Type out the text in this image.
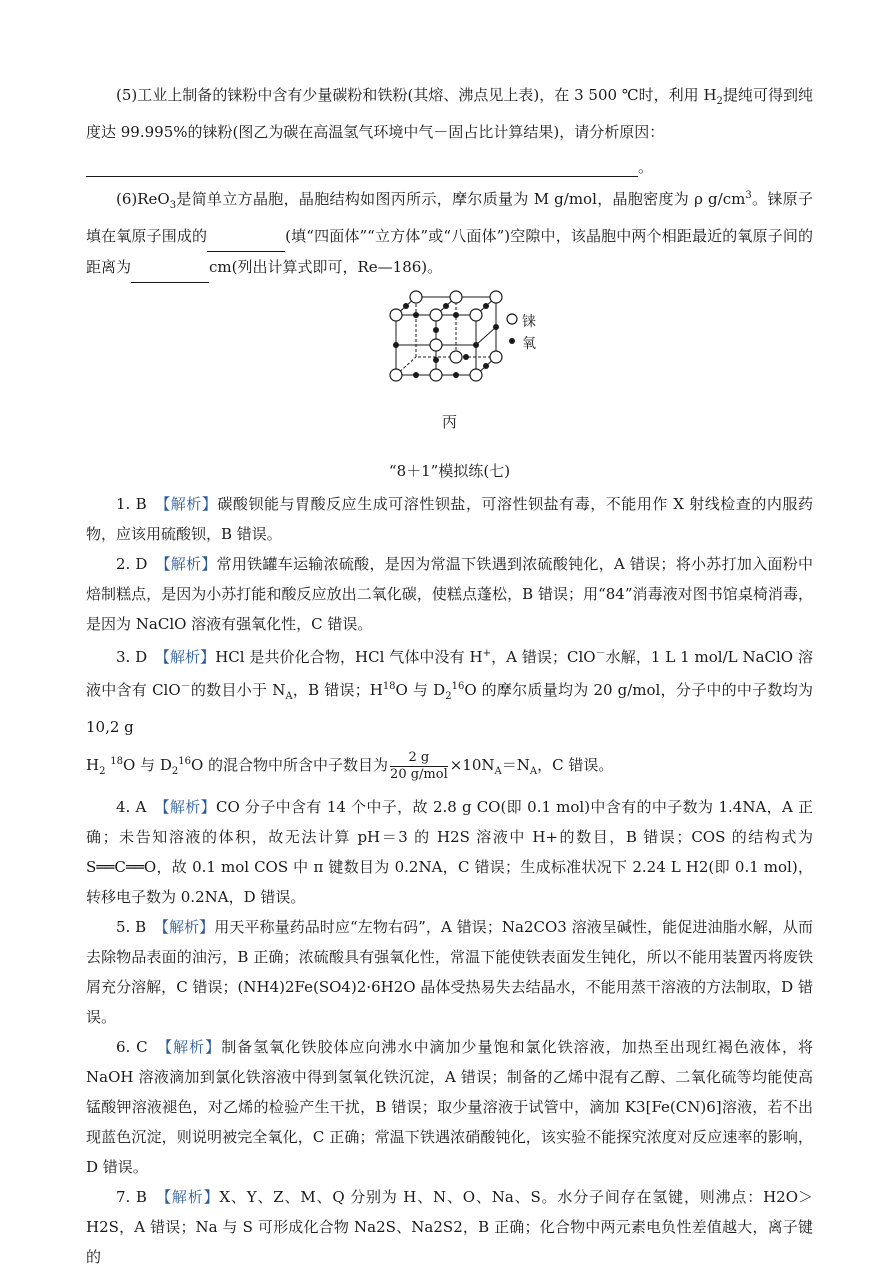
(5)工业上制备的铼粉中含有少量碳粉和铁粉(其熔、沸点见上表)，在 3 500 ℃时，利用 $H_2$提纯可得到纯度达 99.995%的铼粉(图乙为碳在高温氢气环境中气－固占比计算结果)，请分析原因：

。

(6)ReO$_3$是简单立方晶胞，晶胞结构如图丙所示，摩尔质量为 M g/mol，晶胞密度为 ρ $g/cm^3$。铼原子填在氧原子围成的	(填“四面体”“立方体”或“八面体”)空隙中，该晶胞中两个相距最近的氧原子间的距离为	cm(列出计算式即可，Re—186)。

铼
氧
丙
“8＋1”模拟练(七)

1. B　 【解析】碳酸钡能与胃酸反应生成可溶性钡盐，可溶性钡盐有毒，不能用作 X 射线检查的内服药物，应该用硫酸钡，B 错误。

2. D　 【解析】常用铁罐车运输浓硫酸，是因为常温下铁遇到浓硫酸钝化，A 错误；将小苏打加入面粉中焙制糕点，是因为小苏打能和酸反应放出二氧化碳，使糕点蓬松，B 错误；用“84”消毒液对图书馆桌椅消毒，是因为 NaClO 溶液有强氧化性，C 错误。

3. D　 【解析】HCl 是共价化合物，HCl 气体中没有 H+，A 错误；ClO－水解，1 L 1 mol/L NaClO 溶液中含有 ClO－的数目小于 $N_A$，B 错误；$H^{18}O$ 与 $D_2^{16}O$ 的摩尔质量均为 20 g/mol，分子中的中子数均为 10,2 g

$H_2$ $^{18}$O 与 $D_2^{16}O$ 的混合物中所含中子数目为 $\frac{2 g}{\text{20 g/mol}} \times 10N_A=N_A$，C 错误。

4. A　 【解析】CO 分子中含有 14 个中子，故 2.8 g CO(即 0.1 mol)中含有的中子数为 1.4NA，A 正确；未告知溶液的体积，故无法计算 pH＝3 的 H2S 溶液中 H+的数目，B 错误；COS 的结构式为 S══C══O，故 0.1 mol COS 中 π 键数目为 0.2NA，C 错误；生成标准状况下 2.24 L H2(即 0.1 mol)，转移电子数为 0.2NA，D 错误。

5. B　 【解析】用天平称量药品时应“左物右码”，A 错误；Na2CO3 溶液呈碱性，能促进油脂水解，从而去除物品表面的油污，B 正确；浓硫酸具有强氧化性，常温下能使铁表面发生钝化，所以不能用装置丙将废铁屑充分溶解，C 错误；(NH4)2Fe(SO4)2·6H2O 晶体受热易失去结晶水，不能用蒸干溶液的方法制取，D 错误。

6. C　 【解析】制备氢氧化铁胶体应向沸水中滴加少量饱和氯化铁溶液，加热至出现红褐色液体，将 NaOH 溶液滴加到氯化铁溶液中得到氢氧化铁沉淀，A 错误；制备的乙烯中混有乙醇、二氧化硫等均能使高锰酸钾溶液褪色，对乙烯的检验产生干扰，B 错误；取少量溶液于试管中，滴加 K3[Fe(CN)6]溶液，若不出现蓝色沉淀，则说明被完全氧化，C 正确；常温下铁遇浓硝酸钝化，该实验不能探究浓度对反应速率的影响，D 错误。

7. B　 【解析】X、Y、Z、M、Q 分别为 H、N、O、Na、S。水分子间存在氢键，则沸点：H2O＞H2S，A 错误；Na 与 S 可形成化合物 Na2S、Na2S2，B 正确；化合物中两元素电负性差值越大，离子键的
